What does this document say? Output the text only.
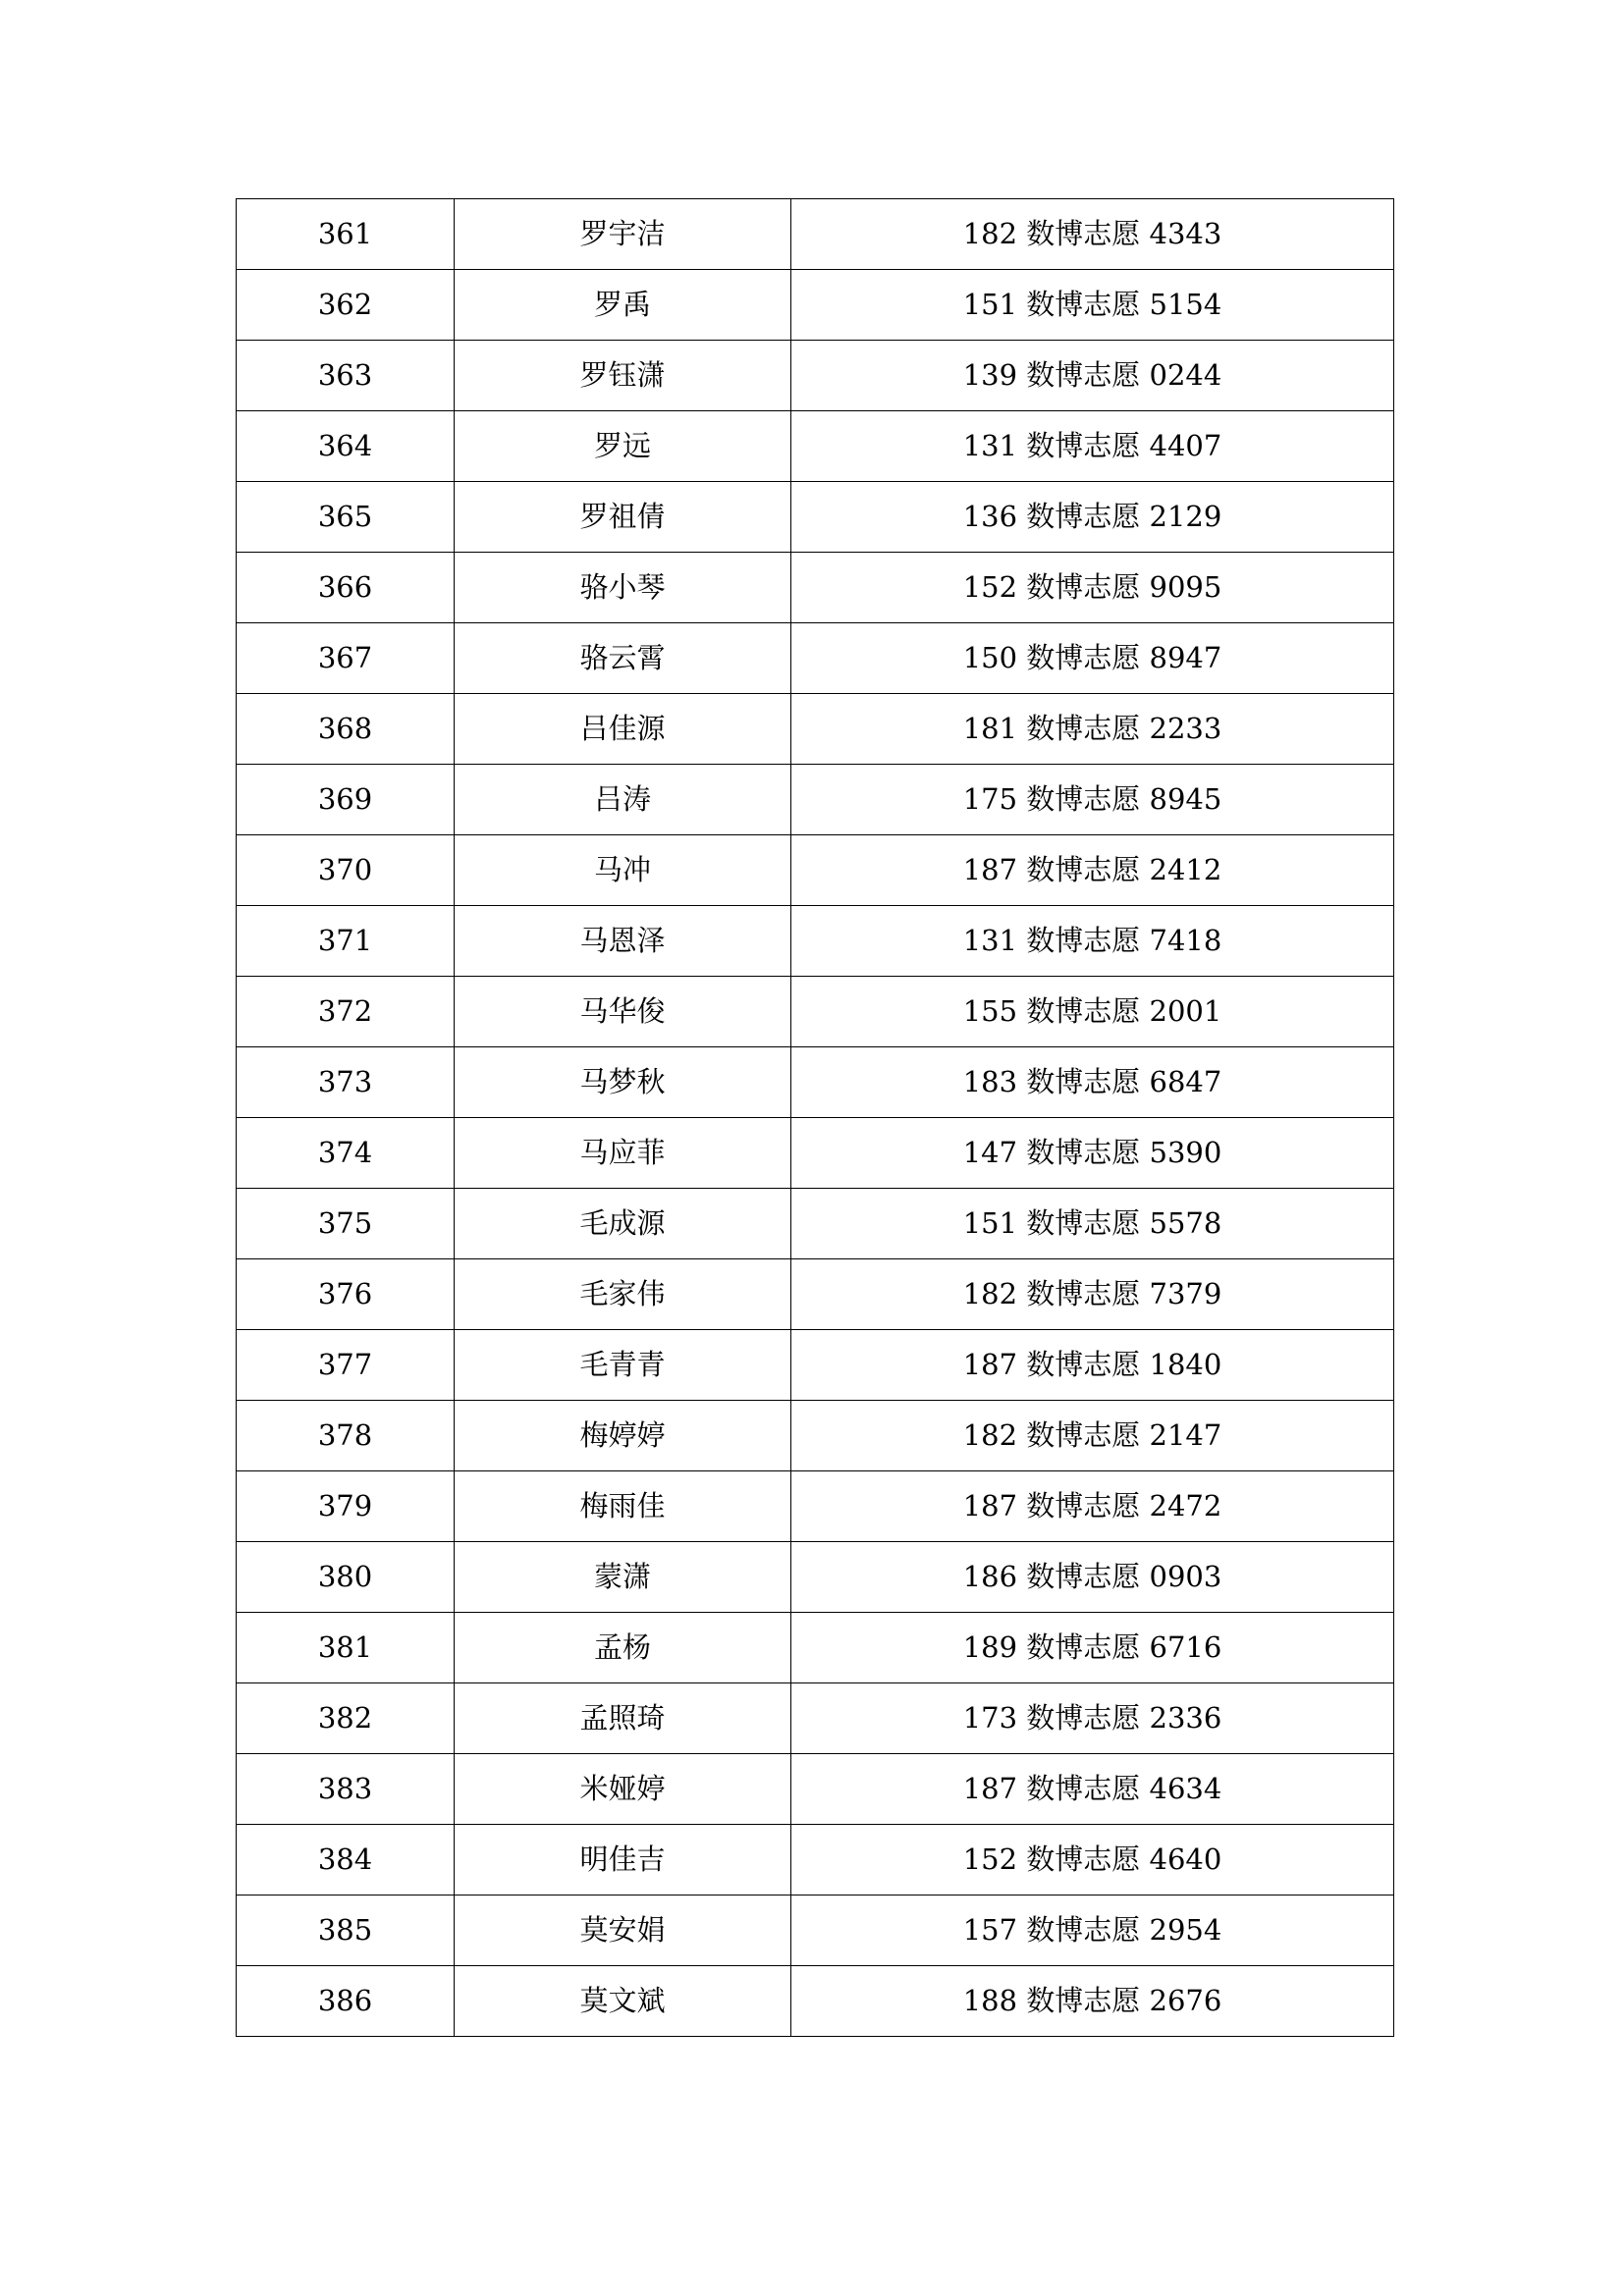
361	罗宇洁	182 数博志愿 4343
362	罗禹	151 数博志愿 5154
363	罗钰潇	139 数博志愿 0244
364	罗远	131 数博志愿 4407
365	罗祖倩	136 数博志愿 2129
366	骆小琴	152 数博志愿 9095
367	骆云霄	150 数博志愿 8947
368	吕佳源	181 数博志愿 2233
369	吕涛	175 数博志愿 8945
370	马冲	187 数博志愿 2412
371	马恩泽	131 数博志愿 7418
372	马华俊	155 数博志愿 2001
373	马梦秋	183 数博志愿 6847
374	马应菲	147 数博志愿 5390
375	毛成源	151 数博志愿 5578
376	毛家伟	182 数博志愿 7379
377	毛青青	187 数博志愿 1840
378	梅婷婷	182 数博志愿 2147
379	梅雨佳	187 数博志愿 2472
380	蒙潇	186 数博志愿 0903
381	孟杨	189 数博志愿 6716
382	孟照琦	173 数博志愿 2336
383	米娅婷	187 数博志愿 4634
384	明佳吉	152 数博志愿 4640
385	莫安娟	157 数博志愿 2954
386	莫文斌	188 数博志愿 2676
